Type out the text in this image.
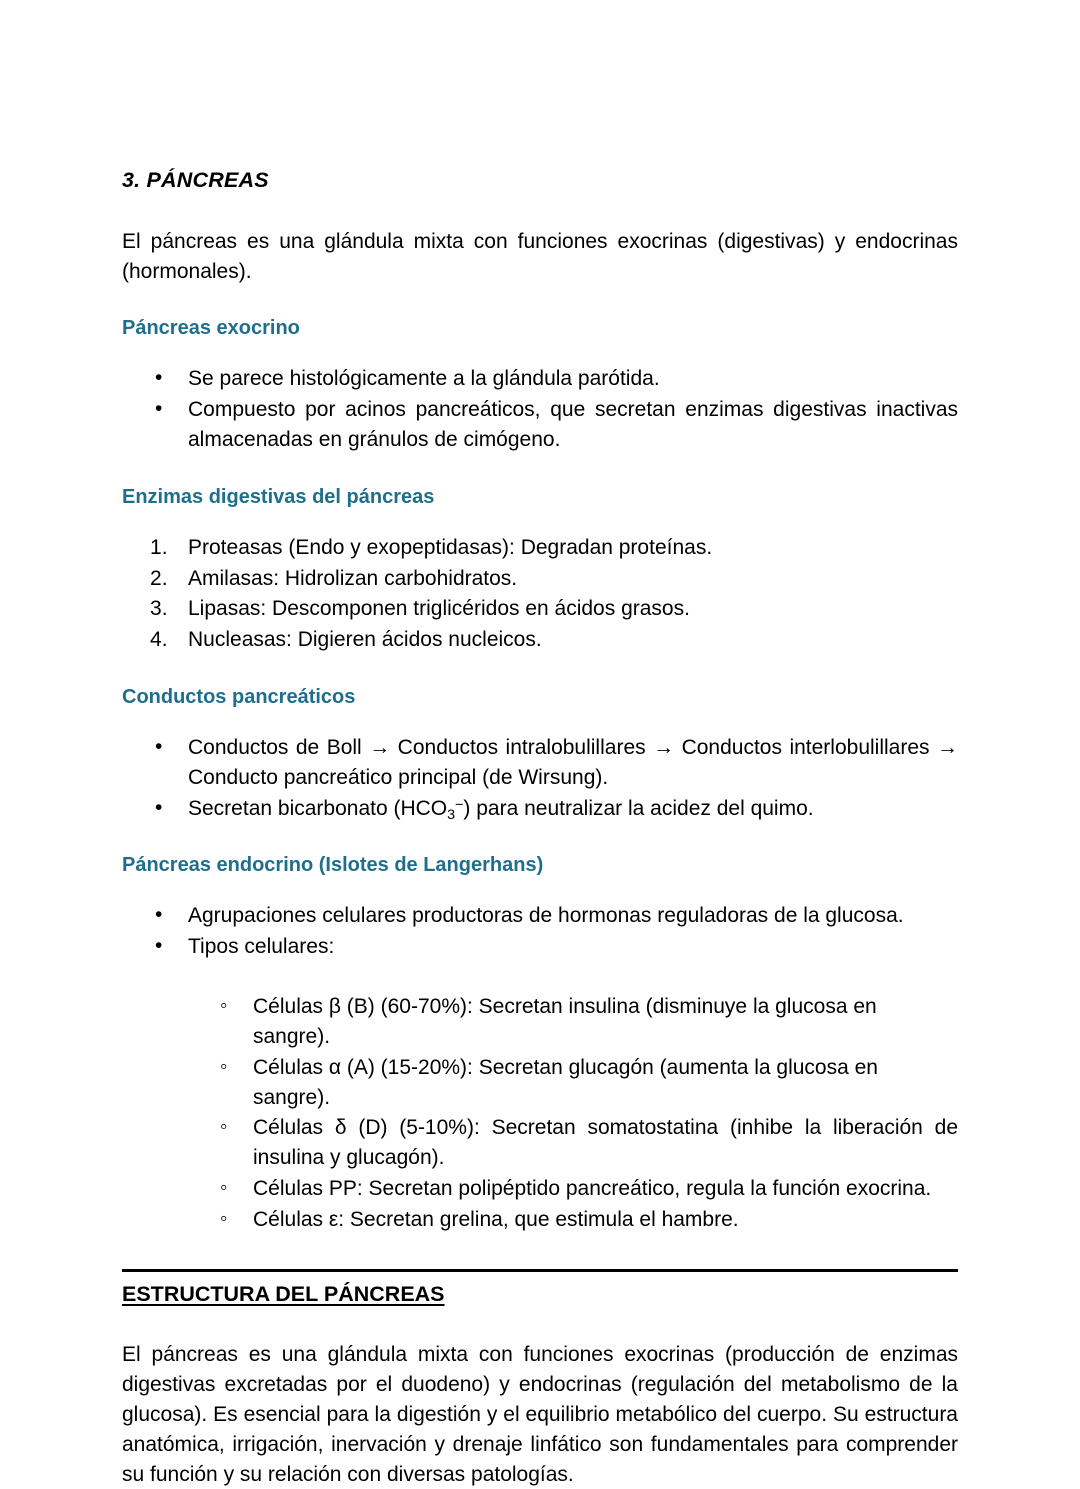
3. PÁNCREAS

El páncreas es una glándula mixta con funciones exocrinas (digestivas) y endocrinas (hormonales).

Páncreas exocrino
• Se parece histológicamente a la glándula parótida.
• Compuesto por acinos pancreáticos, que secretan enzimas digestivas inactivas almacenadas en gránulos de cimógeno.
Enzimas digestivas del páncreas
Proteasas (Endo y exopeptidasas): Degradan proteínas.
Amilasas: Hidrolizan carbohidratos.
Lipasas: Descomponen triglicéridos en ácidos grasos.
Nucleasas: Digieren ácidos nucleicos.
Conductos pancreáticos
• Conductos de Boll → Conductos intralobulillares → Conductos interlobulillares → Conducto pancreático principal (de Wirsung).
• Secretan bicarbonato $(HCO_3^-)$ para neutralizar la acidez del quimo.
Páncreas endocrino (Islotes de Langerhans)
• Agrupaciones celulares productoras de hormonas reguladoras de la glucosa.
• Tipos celulares:
◦ Células β (B) (60-70%): Secretan insulina (disminuye la glucosa en sangre).
◦ Células α (A) (15-20%): Secretan glucagón (aumenta la glucosa en sangre).
◦ Células δ (D) (5-10%): Secretan somatostatina (inhibe la liberación de insulina y glucagón).
◦ Células PP: Secretan polipéptido pancreático, regula la función exocrina.
◦ Células ε: Secretan grelina, que estimula el hambre.
ESTRUCTURA DEL PÁNCREAS

El páncreas es una glándula mixta con funciones exocrinas (producción de enzimas digestivas excretadas por el duodeno) y endocrinas (regulación del metabolismo de la glucosa). Es esencial para la digestión y el equilibrio metabólico del cuerpo. Su estructura anatómica, irrigación, inervación y drenaje linfático son fundamentales para comprender su función y su relación con diversas patologías.
